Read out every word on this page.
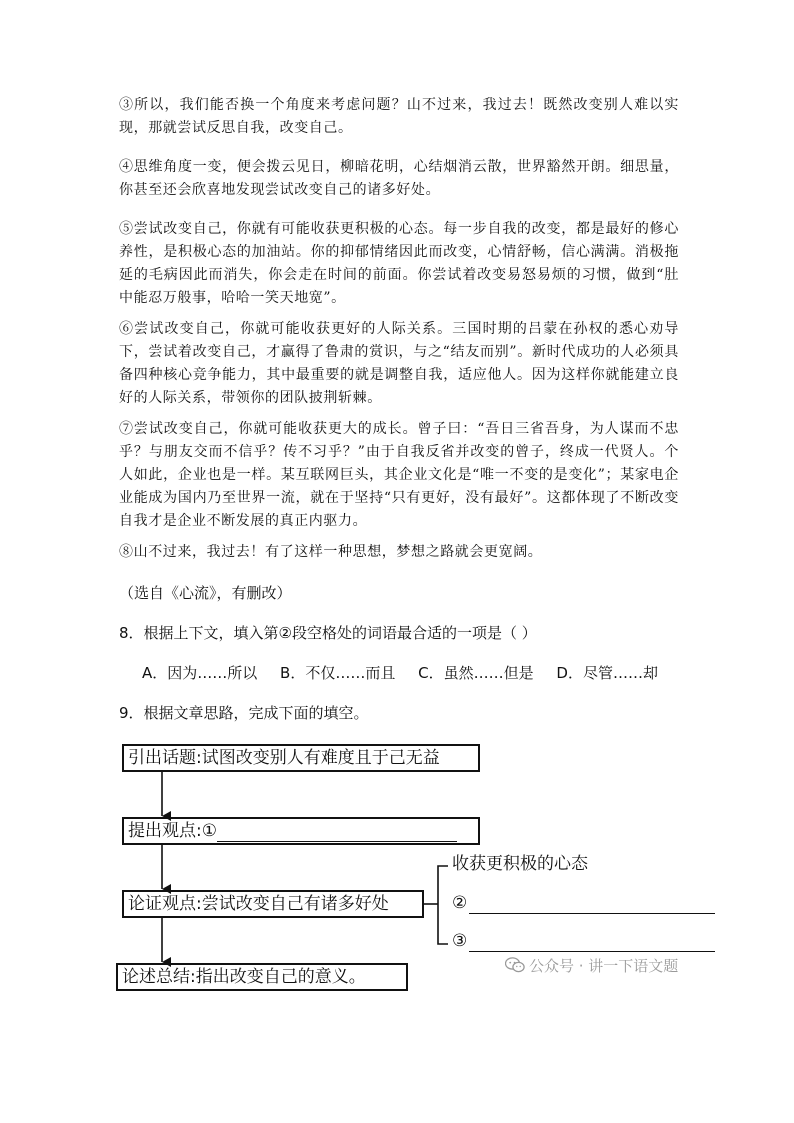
③所以，我们能否换一个角度来考虑问题？山不过来，我过去！既然改变别人难以实现，那就尝试反思自我，改变自己。

④思维角度一变，便会拨云见日，柳暗花明，心结烟消云散，世界豁然开朗。细思量，你甚至还会欣喜地发现尝试改变自己的诸多好处。

⑤尝试改变自己，你就有可能收获更积极的心态。每一步自我的改变，都是最好的修心养性，是积极心态的加油站。你的抑郁情绪因此而改变，心情舒畅，信心满满。消极拖延的毛病因此而消失，你会走在时间的前面。你尝试着改变易怒易烦的习惯，做到“肚中能忍万般事，哈哈一笑天地宽”。

⑥尝试改变自己，你就可能收获更好的人际关系。三国时期的吕蒙在孙权的悉心劝导下，尝试着改变自己，才赢得了鲁肃的赏识，与之“结友而别”。新时代成功的人必须具备四种核心竞争能力，其中最重要的就是调整自我，适应他人。因为这样你就能建立良好的人际关系，带领你的团队披荆斩棘。

⑦尝试改变自己，你就可能收获更大的成长。曾子曰：“吾日三省吾身，为人谋而不忠乎？与朋友交而不信乎？传不习乎？”由于自我反省并改变的曾子，终成一代贤人。个人如此，企业也是一样。某互联网巨头，其企业文化是“唯一不变的是变化”；某家电企业能成为国内乃至世界一流，就在于坚持“只有更好，没有最好”。这都体现了不断改变自我才是企业不断发展的真正内驱力。

⑧山不过来，我过去！有了这样一种思想，梦想之路就会更宽阔。

（选自《心流》，有删改）

8．根据上下文，填入第②段空格处的词语最合适的一项是（ ）

A．因为……所以 B．不仅……而且 C．虽然……但是 D．尽管……却

9．根据文章思路，完成下面的填空。

引出话题:试图改变别人有难度且于己无益
提出观点:①
论证观点:尝试改变自己有诸多好处
论述总结:指出改变自己的意义。
收获更积极的心态
②
③
公众号 · 讲一下语文题
